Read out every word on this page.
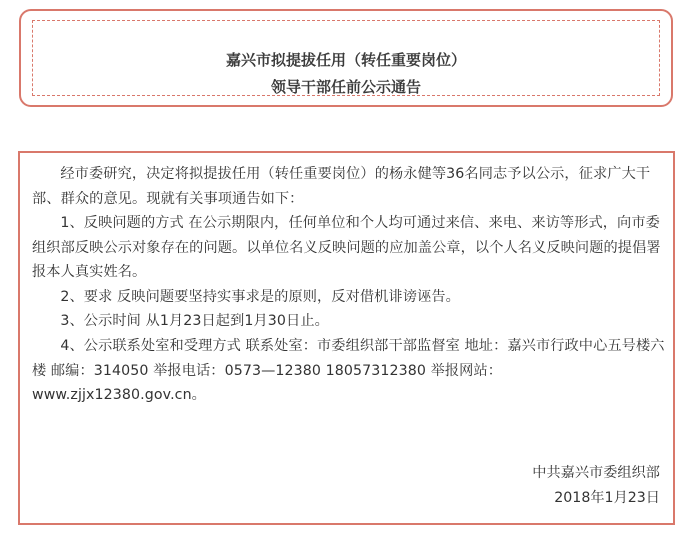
嘉兴市拟提拔任用（转任重要岗位）
领导干部任前公示通告

经市委研究，决定将拟提拔任用（转任重要岗位）的杨永健等36名同志予以公示，征求广大干部、群众的意见。现就有关事项通告如下：

1、反映问题的方式 在公示期限内，任何单位和个人均可通过来信、来电、来访等形式，向市委组织部反映公示对象存在的问题。以单位名义反映问题的应加盖公章，以个人名义反映问题的提倡署报本人真实姓名。

2、要求 反映问题要坚持实事求是的原则，反对借机诽谤诬告。

3、公示时间 从1月23日起到1月30日止。

4、公示联系处室和受理方式 联系处室：市委组织部干部监督室 地址：嘉兴市行政中心五号楼六楼 邮编：314050 举报电话：0573—12380 18057312380 举报网站：www.zjjx12380.gov.cn。

中共嘉兴市委组织部

2018年1月23日
